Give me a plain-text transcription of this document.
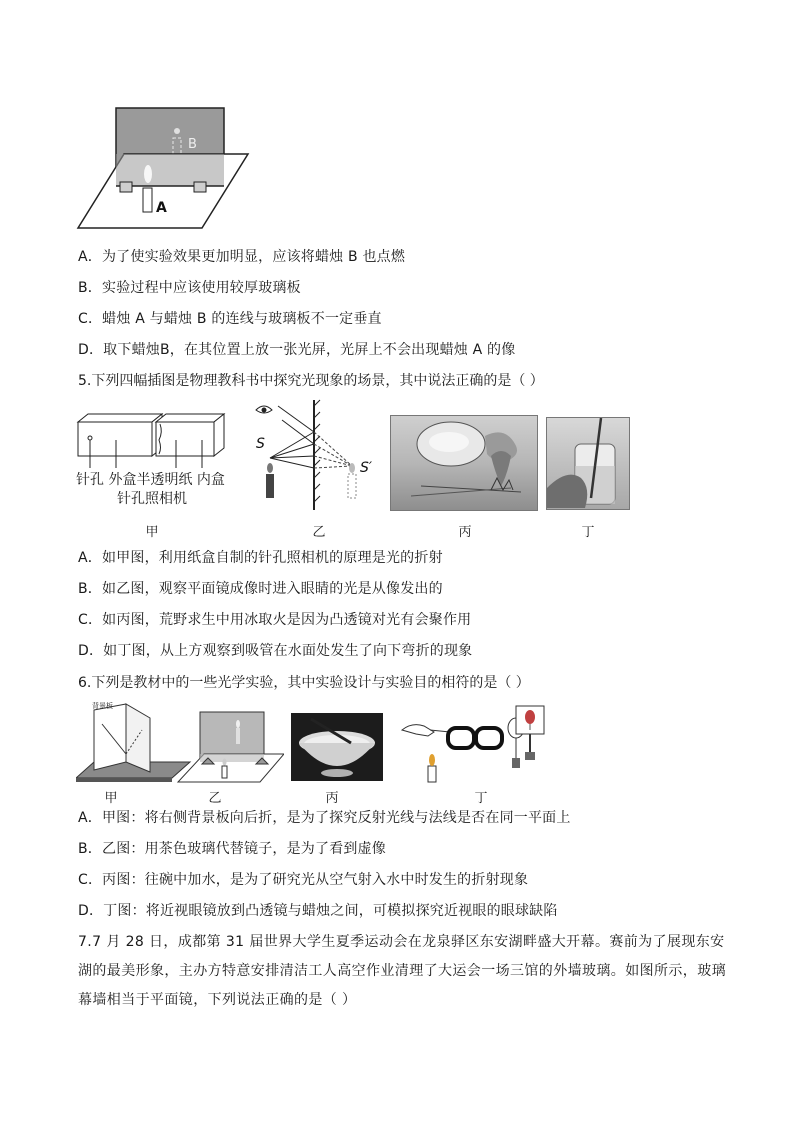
B
A
A．为了使实验效果更加明显，应该将蜡烛 B 也点燃
B．实验过程中应该使用较厚玻璃板
C．蜡烛 A 与蜡烛 B 的连线与玻璃板不一定垂直
D．取下蜡烛B，在其位置上放一张光屏，光屏上不会出现蜡烛 A 的像
5.下列四幅插图是物理教科书中探究光现象的场景，其中说法正确的是（ ）
针孔 外盒半透明纸 内盒
针孔照相机
S
S′
甲	乙	丙	丁
A．如甲图，利用纸盒自制的针孔照相机的原理是光的折射
B．如乙图，观察平面镜成像时进入眼睛的光是从像发出的
C．如丙图，荒野求生中用冰取火是因为凸透镜对光有会聚作用
D．如丁图，从上方观察到吸管在水面处发生了向下弯折的现象
6.下列是教材中的一些光学实验，其中实验设计与实验目的相符的是（ ）
背景板
甲	乙	丙	丁
A．甲图：将右侧背景板向后折，是为了探究反射光线与法线是否在同一平面上
B．乙图：用茶色玻璃代替镜子，是为了看到虚像
C．丙图：往碗中加水，是为了研究光从空气射入水中时发生的折射现象
D．丁图：将近视眼镜放到凸透镜与蜡烛之间，可模拟探究近视眼的眼球缺陷
7.7 月 28 日，成都第 31 届世界大学生夏季运动会在龙泉驿区东安湖畔盛大开幕。赛前为了展现东安湖的最美形象，主办方特意安排清洁工人高空作业清理了大运会一场三馆的外墙玻璃。如图所示，玻璃幕墙相当于平面镜，下列说法正确的是（ ）
